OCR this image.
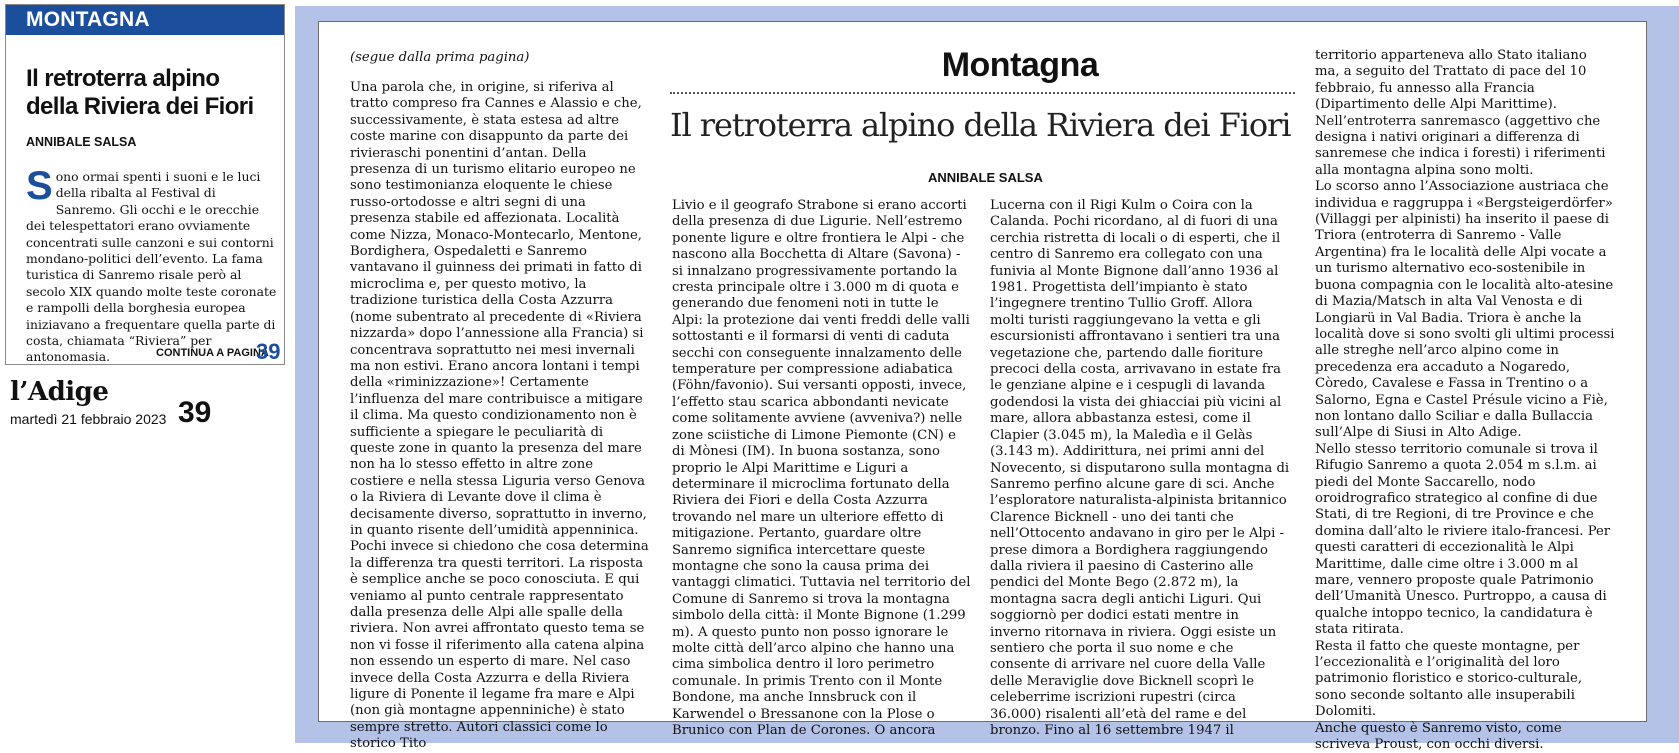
MONTAGNA
Il retroterra alpino della Riviera dei Fiori
ANNIBALE SALSA

Sono ormai spenti i suoni e le luci della ribalta al Festival di Sanremo. Gli occhi e le orecchie dei telespettatori erano ovviamente concentrati sulle canzoni e sui contorni mondano-politici dell’evento. La fama turistica di Sanremo risale però al secolo XIX quando molte teste coronate e rampolli della borghesia europea iniziavano a frequentare quella parte di costa, chiamata “Riviera” per antonomasia.	CONTINUA A PAGINA
39
l’Adige
martedì 21 febbraio 2023 39
(segue dalla prima pagina)	Montagna
Il retroterra alpino della Riviera dei Fiori
ANNIBALE SALSA

Una parola che, in origine, si riferiva al tratto compreso fra Cannes e Alassio e che, successivamente, è stata estesa ad altre coste marine con disappunto da parte dei rivieraschi ponentini d’antan. Della presenza di un turismo elitario europeo ne sono testimonianza eloquente le chiese russo-ortodosse e altri segni di una presenza stabile ed affezionata. Località come Nizza, Monaco-Montecarlo, Mentone, Bordighera, Ospedaletti e Sanremo vantavano il guinness dei primati in fatto di microclima e, per questo motivo, la tradizione turistica della Costa Azzurra (nome subentrato al precedente di «Riviera nizzarda» dopo l’annessione alla Francia) si concentrava soprattutto nei mesi invernali ma non estivi. Erano ancora lontani i tempi della «riminizzazione»! Certamente l’influenza del mare contribuisce a mitigare il clima. Ma questo condizionamento non è sufficiente a spiegare le peculiarità di queste zone in quanto la presenza del mare non ha lo stesso effetto in altre zone costiere e nella stessa Liguria verso Genova o la Riviera di Levante dove il clima è decisamente diverso, soprattutto in inverno, in quanto risente dell’umidità appenninica. Pochi invece si chiedono che cosa determina la differenza tra questi territori. La risposta è semplice anche se poco conosciuta. E qui veniamo al punto centrale rappresentato dalla presenza delle Alpi alle spalle della riviera. Non avrei affrontato questo tema se non vi fosse il riferimento alla catena alpina non essendo un esperto di mare. Nel caso invece della Costa Azzurra e della Riviera ligure di Ponente il legame fra mare e Alpi (non già montagne appenniniche) è stato sempre stretto. Autori classici come lo storico Tito

Livio e il geografo Strabone si erano accorti della presenza di due Ligurie. Nell’estremo ponente ligure e oltre frontiera le Alpi - che nascono alla Bocchetta di Altare (Savona) - si innalzano progressivamente portando la cresta principale oltre i 3.000 m di quota e generando due fenomeni noti in tutte le Alpi: la protezione dai venti freddi delle valli sottostanti e il formarsi di venti di caduta secchi con conseguente innalzamento delle temperature per compressione adiabatica (Föhn/favonio). Sui versanti opposti, invece, l’effetto stau scarica abbondanti nevicate come solitamente avviene (avveniva?) nelle zone sciistiche di Limone Piemonte (CN) e di Mònesi (IM). In buona sostanza, sono proprio le Alpi Marittime e Liguri a determinare il microclima fortunato della Riviera dei Fiori e della Costa Azzurra trovando nel mare un ulteriore effetto di mitigazione. Pertanto, guardare oltre Sanremo significa intercettare queste montagne che sono la causa prima dei vantaggi climatici. Tuttavia nel territorio del Comune di Sanremo si trova la montagna simbolo della città: il Monte Bignone (1.299 m). A questo punto non posso ignorare le molte città dell’arco alpino che hanno una cima simbolica dentro il loro perimetro comunale. In primis Trento con il Monte Bondone, ma anche Innsbruck con il Karwendel o Bressanone con la Plose o Brunico con Plan de Corones. O ancora

Lucerna con il Rigi Kulm o Coira con la Calanda. Pochi ricordano, al di fuori di una cerchia ristretta di locali o di esperti, che il centro di Sanremo era collegato con una funivia al Monte Bignone dall’anno 1936 al 1981. Progettista dell’impianto è stato l’ingegnere trentino Tullio Groff. Allora molti turisti raggiungevano la vetta e gli escursionisti affrontavano i sentieri tra una vegetazione che, partendo dalle fioriture precoci della costa, arrivavano in estate fra le genziane alpine e i cespugli di lavanda godendosi la vista dei ghiacciai più vicini al mare, allora abbastanza estesi, come il Clapier (3.045 m), la Maledìa e il Gelàs (3.143 m). Addirittura, nei primi anni del Novecento, si disputarono sulla montagna di Sanremo perfino alcune gare di sci. Anche l’esploratore naturalista-alpinista britannico Clarence Bicknell - uno dei tanti che nell’Ottocento andavano in giro per le Alpi - prese dimora a Bordighera raggiungendo dalla riviera il paesino di Casterino alle pendici del Monte Bego (2.872 m), la montagna sacra degli antichi Liguri. Qui soggiornò per dodici estati mentre in inverno ritornava in riviera. Oggi esiste un sentiero che porta il suo nome e che consente di arrivare nel cuore della Valle delle Meraviglie dove Bicknell scoprì le celeberrime iscrizioni rupestri (circa 36.000) risalenti all’età del rame e del bronzo. Fino al 16 settembre 1947 il

territorio apparteneva allo Stato italiano ma, a seguito del Trattato di pace del 10 febbraio, fu annesso alla Francia (Dipartimento delle Alpi Marittime).

Nell’entroterra sanremasco (aggettivo che designa i nativi originari a differenza di sanremese che indica i foresti) i riferimenti alla montagna alpina sono molti.

Lo scorso anno l’Associazione austriaca che individua e raggruppa i «Bergsteigerdörfer» (Villaggi per alpinisti) ha inserito il paese di Triora (entroterra di Sanremo - Valle Argentina) fra le località delle Alpi vocate a un turismo alternativo eco-sostenibile in buona compagnia con le località alto-atesine di Mazia/Matsch in alta Val Venosta e di Longiarü in Val Badia. Triora è anche la località dove si sono svolti gli ultimi processi alle streghe nell’arco alpino come in precedenza era accaduto a Nogaredo, Còredo, Cavalese e Fassa in Trentino o a Salorno, Egna e Castel Présule vicino a Fiè, non lontano dallo Sciliar e dalla Bullaccia sull’Alpe di Siusi in Alto Adige.

Nello stesso territorio comunale si trova il Rifugio Sanremo a quota 2.054 m s.l.m. ai piedi del Monte Saccarello, nodo oroidrografico strategico al confine di due Stati, di tre Regioni, di tre Province e che domina dall’alto le riviere italo-francesi. Per questi caratteri di eccezionalità le Alpi Marittime, dalle cime oltre i 3.000 m al mare, vennero proposte quale Patrimonio dell’Umanità Unesco. Purtroppo, a causa di qualche intoppo tecnico, la candidatura è stata ritirata.

Resta il fatto che queste montagne, per l’eccezionalità e l’originalità del loro patrimonio floristico e storico-culturale, sono seconde soltanto alle insuperabili Dolomiti.

Anche questo è Sanremo visto, come scriveva Proust, con occhi diversi.
